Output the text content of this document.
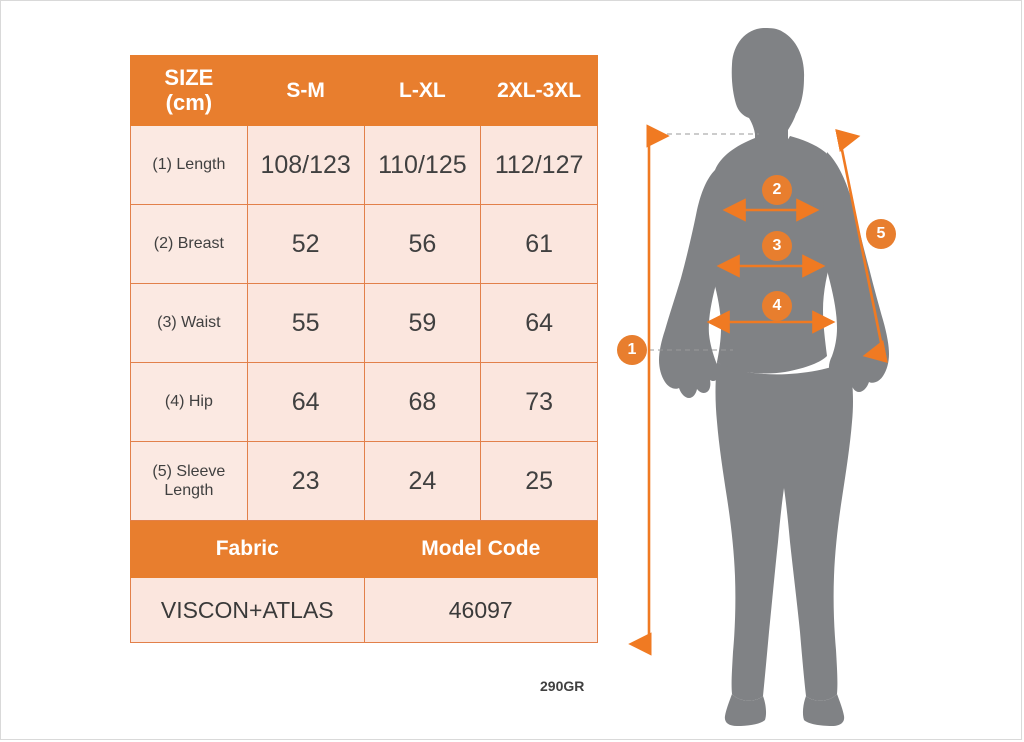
SIZE
(cm)	S-M	L-XL	2XL-3XL
(1) Length	108/123	110/125	112/127
(2) Breast	52	56	61
(3) Waist	55	59	64
(4) Hip	64	68	73
(5) Sleeve Length	23	24	25
Fabric		Model Code	
VISCON+ATLAS		46097	
290GR
1
2
3
4
5
